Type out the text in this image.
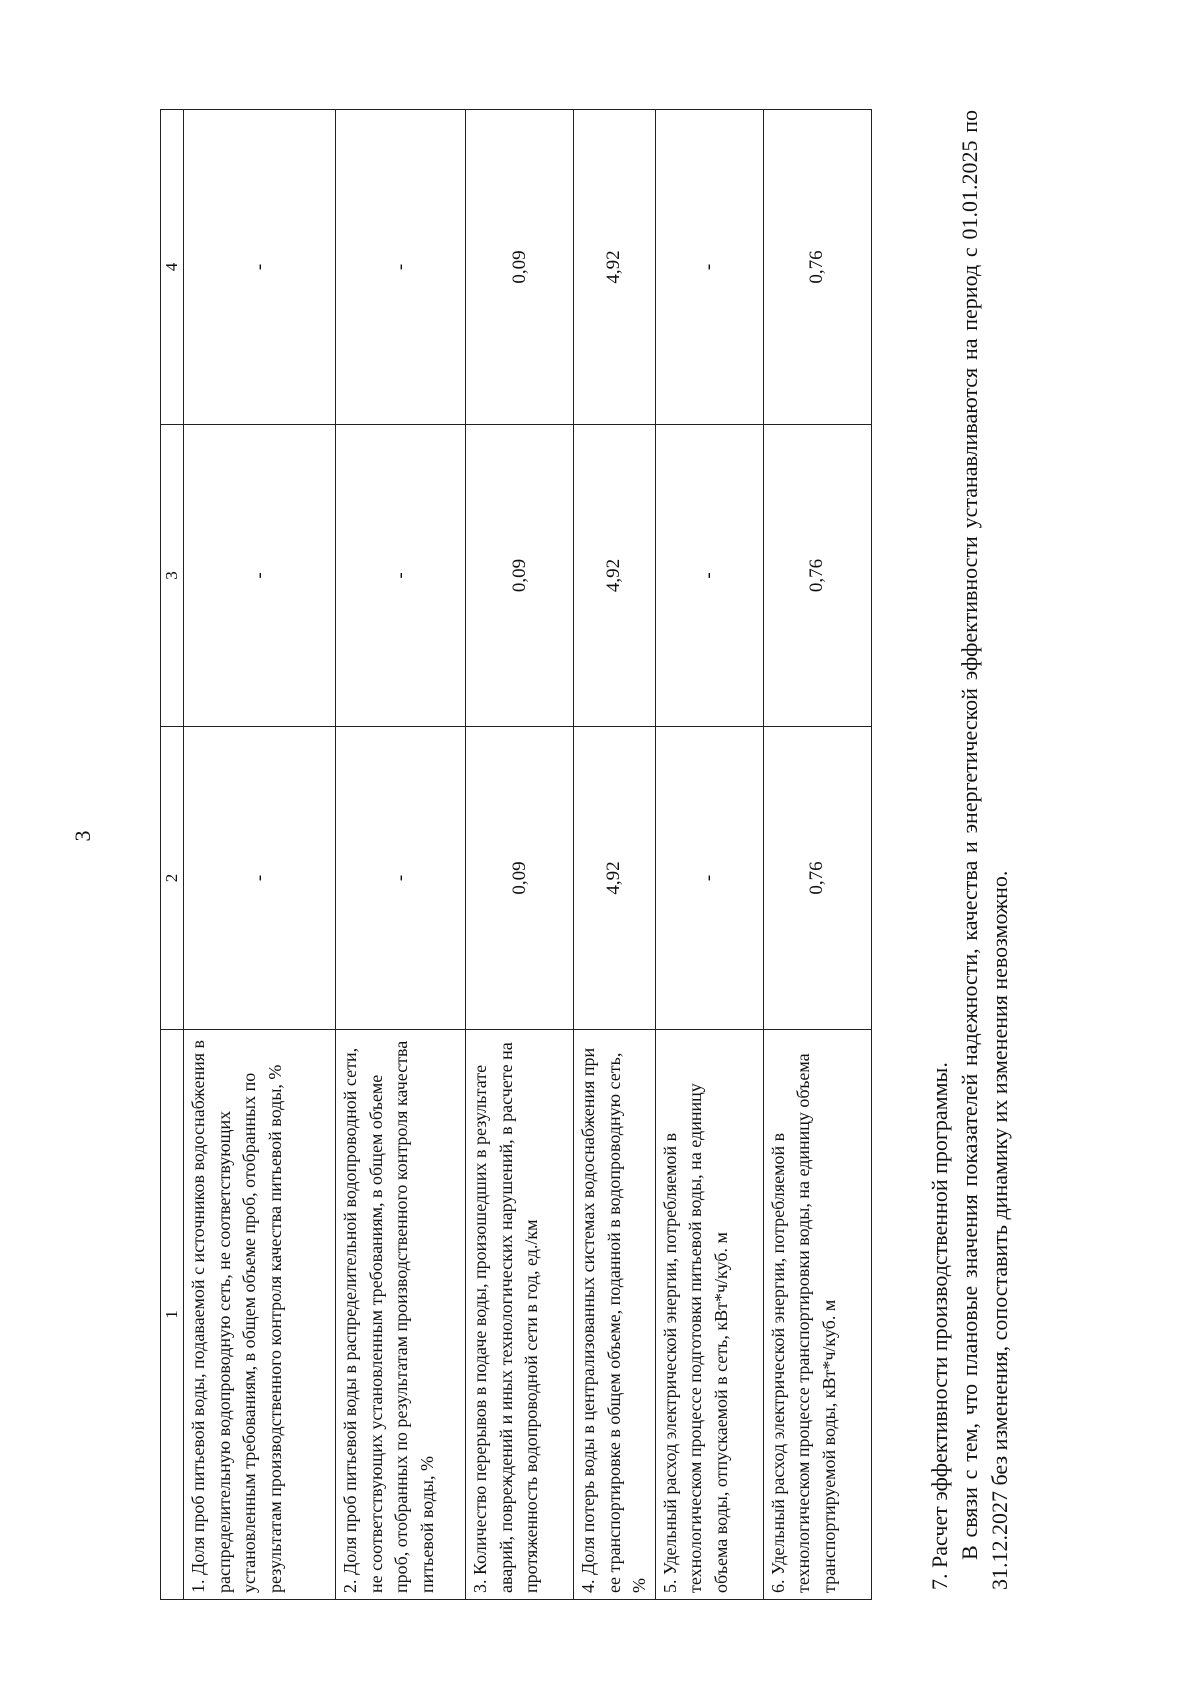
3
1	2	3	4
1. Доля проб питьевой воды, подаваемой с источников водоснабжения в распределительную водопроводную сеть, не соответствующих установленным требованиям, в общем объеме проб, отобранных по результатам производственного контроля качества питьевой воды, %	-	-	-
2. Доля проб питьевой воды в распределительной водопроводной сети, не соответствующих установленным требованиям, в общем объеме проб, отобранных по результатам производственного контроля качества питьевой воды, %	-	-	-
3. Количество перерывов в подаче воды, произошедших в результате аварий, повреждений и иных технологических нарушений, в расчете на протяженность водопроводной сети в год, ед./км	0,09	0,09	0,09
4. Доля потерь воды в централизованных системах водоснабжения при ее транспортировке в общем объеме, поданной в водопроводную сеть, %	4,92	4,92	4,92
5. Удельный расход электрической энергии, потребляемой в технологическом процессе подготовки питьевой воды, на единицу объема воды, отпускаемой в сеть, кВт*ч/куб. м	-	-	-
6. Удельный расход электрической энергии, потребляемой в технологическом процессе транспортировки воды, на единицу объема транспортируемой воды, кВт*ч/куб. м	0,76	0,76	0,76

7. Расчет эффективности производственной программы. В связи с тем, что плановые значения показателей надежности, качества и энергетической эффективности устанавливаются на период с 01.01.2025 по 31.12.2027 без изменения, сопоставить динамику их изменения невозможно.
